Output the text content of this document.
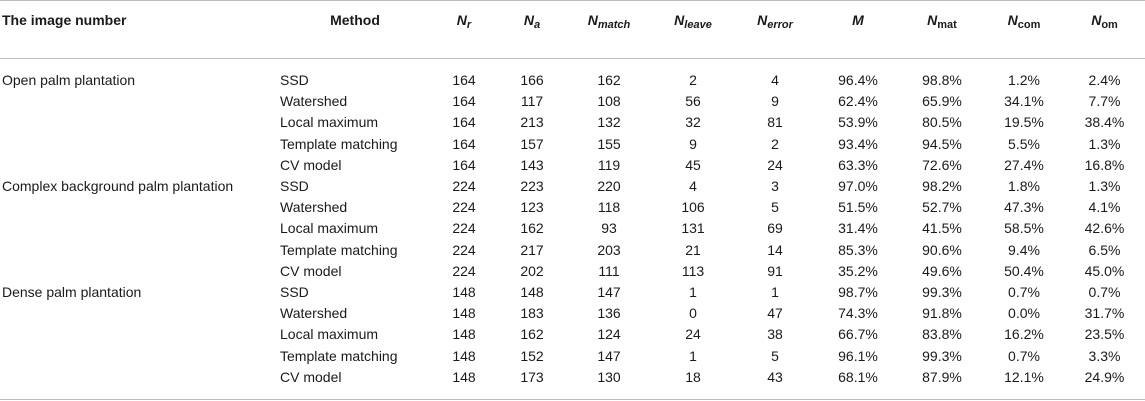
The image number	Method	$N_r$	$N_a$	$N_{match}$	$N_{leave}$	$N_{error}$	M	$N_{mat}$	$N_{com}$	$N_{om}$
Open palm plantation	SSD	164	166	162	2	4	96.4%	98.8%	1.2%	2.4%
	Watershed	164	117	108	56	9	62.4%	65.9%	34.1%	7.7%
	Local maximum	164	213	132	32	81	53.9%	80.5%	19.5%	38.4%
	Template matching	164	157	155	9	2	93.4%	94.5%	5.5%	1.3%
	CV model	164	143	119	45	24	63.3%	72.6%	27.4%	16.8%
Complex background palm plantation	SSD	224	223	220	4	3	97.0%	98.2%	1.8%	1.3%
	Watershed	224	123	118	106	5	51.5%	52.7%	47.3%	4.1%
	Local maximum	224	162	93	131	69	31.4%	41.5%	58.5%	42.6%
	Template matching	224	217	203	21	14	85.3%	90.6%	9.4%	6.5%
	CV model	224	202	111	113	91	35.2%	49.6%	50.4%	45.0%
Dense palm plantation	SSD	148	148	147	1	1	98.7%	99.3%	0.7%	0.7%
	Watershed	148	183	136	0	47	74.3%	91.8%	0.0%	31.7%
	Local maximum	148	162	124	24	38	66.7%	83.8%	16.2%	23.5%
	Template matching	148	152	147	1	5	96.1%	99.3%	0.7%	3.3%
	CV model	148	173	130	18	43	68.1%	87.9%	12.1%	24.9%
